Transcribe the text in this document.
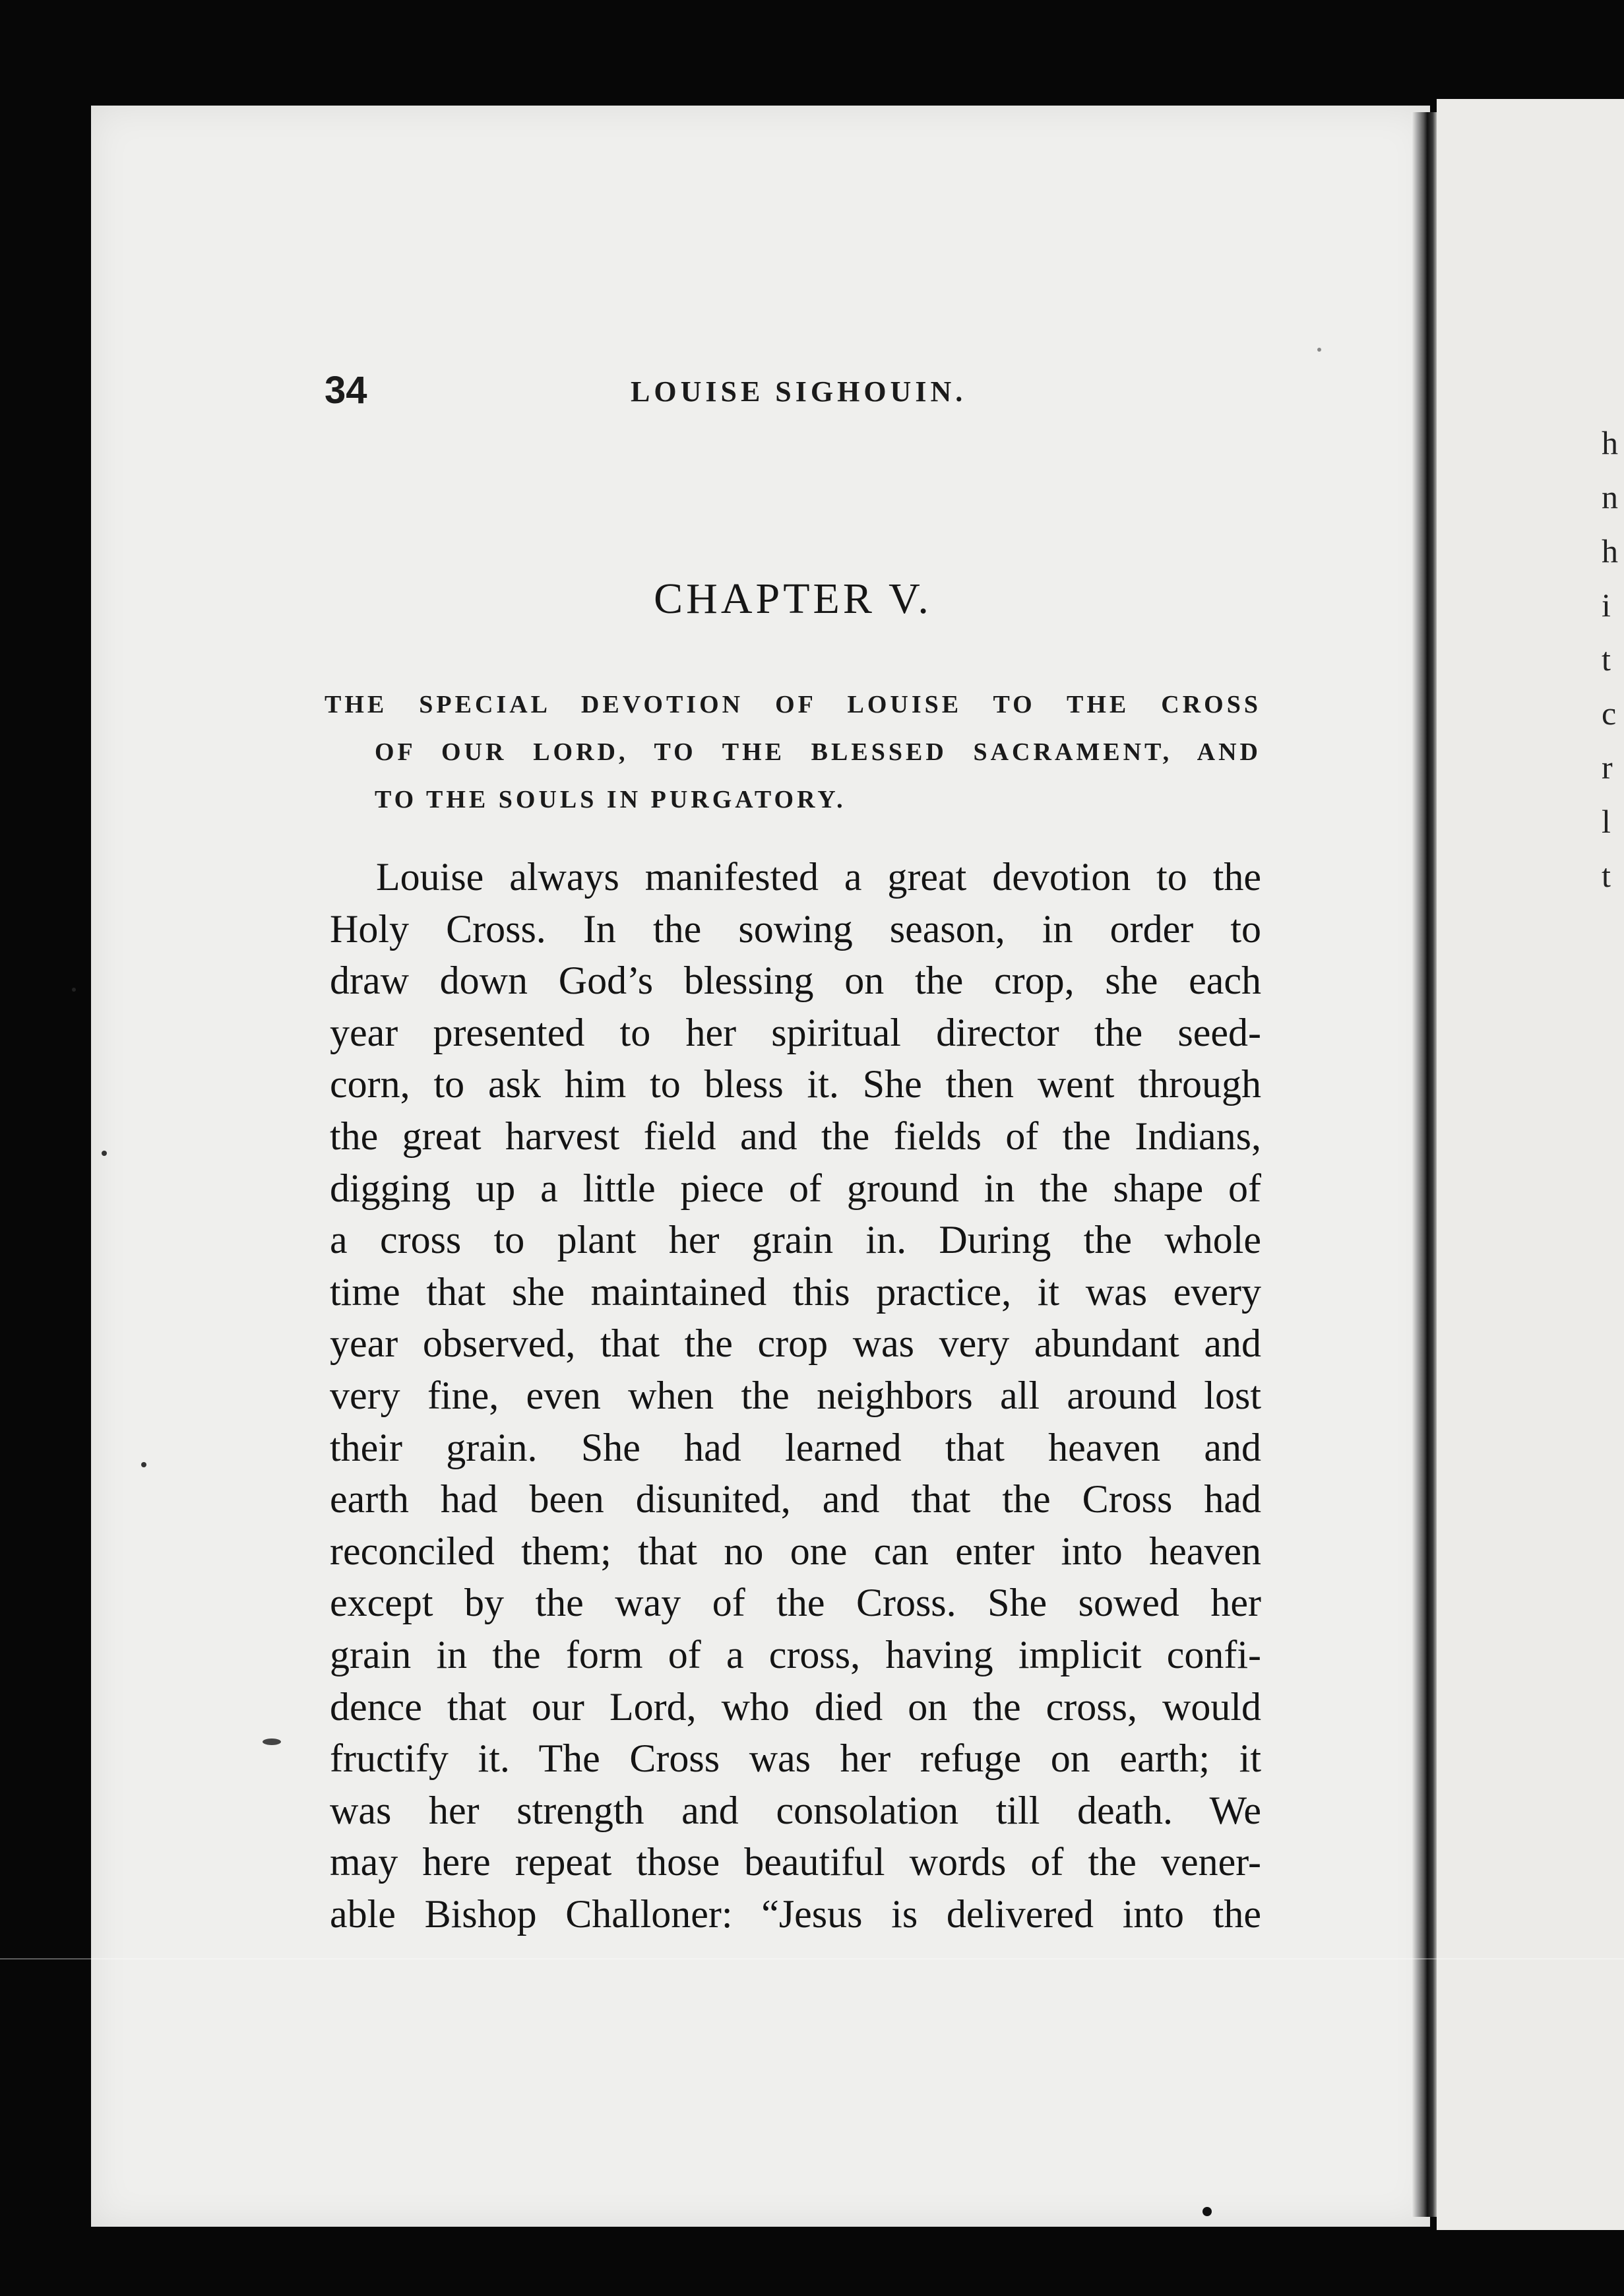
h
n
h
i
t
c
r
l
t
34	LOUISE SIGHOUIN.
CHAPTER V.
THE SPECIAL DEVOTION OF LOUISE TO THE CROSS
OF OUR LORD, TO THE BLESSED SACRAMENT, AND
TO THE SOULS IN PURGATORY.
Louise always manifested a great devotion to the
Holy Cross. In the sowing season, in order to
draw down God’s blessing on the crop, she each
year presented to her spiritual director the seed-
corn, to ask him to bless it. She then went through
the great harvest field and the fields of the Indians,
digging up a little piece of ground in the shape of
a cross to plant her grain in. During the whole
time that she maintained this practice, it was every
year observed, that the crop was very abundant and
very fine, even when the neighbors all around lost
their grain. She had learned that heaven and
earth had been disunited, and that the Cross had
reconciled them; that no one can enter into heaven
except by the way of the Cross. She sowed her
grain in the form of a cross, having implicit confi-
dence that our Lord, who died on the cross, would
fructify it. The Cross was her refuge on earth; it
was her strength and consolation till death. We
may here repeat those beautiful words of the vener-
able Bishop Challoner: “Jesus is delivered into the
